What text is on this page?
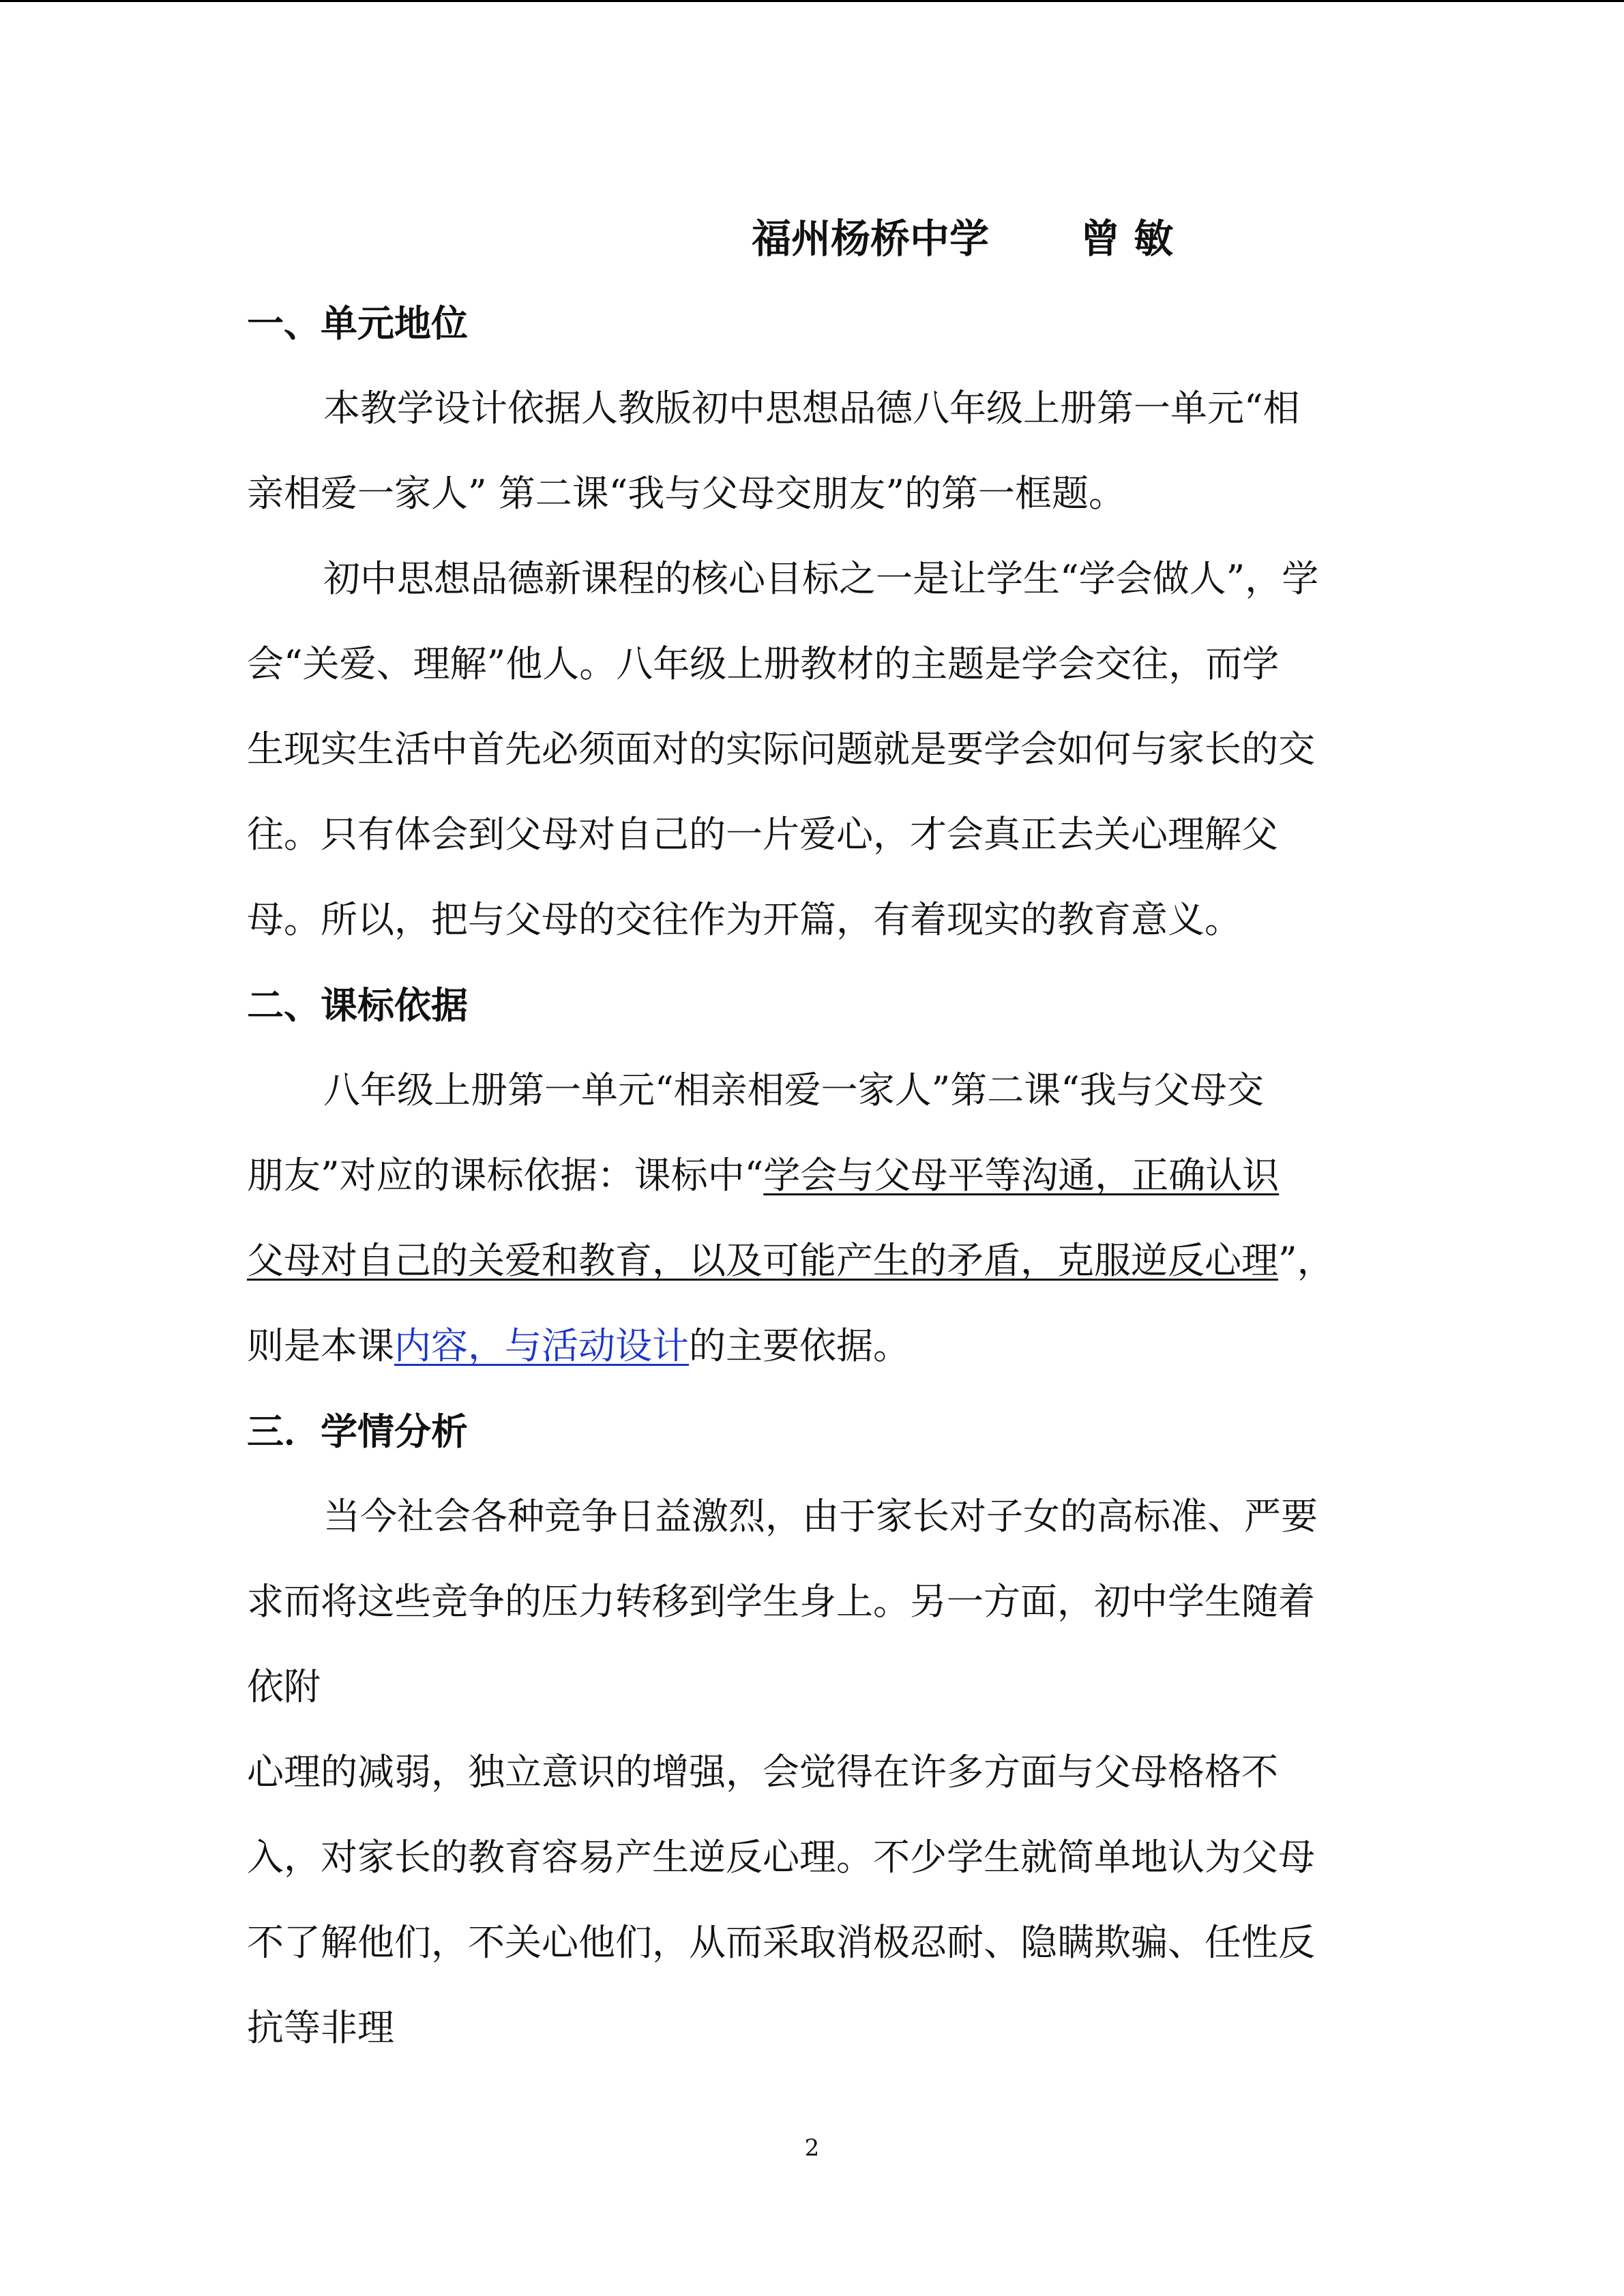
福州杨桥中学 曾 敏
一、单元地位
本教学设计依据人教版初中思想品德八年级上册第一单元“相
亲相爱一家人” 第二课“我与父母交朋友”的第一框题。
初中思想品德新课程的核心目标之一是让学生“学会做人”，学
会“关爱、理解”他人。八年级上册教材的主题是学会交往，而学
生现实生活中首先必须面对的实际问题就是要学会如何与家长的交
往。只有体会到父母对自己的一片爱心，才会真正去关心理解父
母。所以，把与父母的交往作为开篇，有着现实的教育意义。
二、课标依据
八年级上册第一单元“相亲相爱一家人”第二课“我与父母交
朋友”对应的课标依据：课标中“学会与父母平等沟通，正确认识
父母对自己的关爱和教育，以及可能产生的矛盾，克服逆反心理”，
则是本课内容，与活动设计的主要依据。
三．学情分析
当今社会各种竞争日益激烈，由于家长对子女的高标准、严要
求而将这些竞争的压力转移到学生身上。另一方面，初中学生随着
依附
心理的减弱，独立意识的增强，会觉得在许多方面与父母格格不
入，对家长的教育容易产生逆反心理。不少学生就简单地认为父母
不了解他们，不关心他们，从而采取消极忍耐、隐瞒欺骗、任性反
抗等非理
2
